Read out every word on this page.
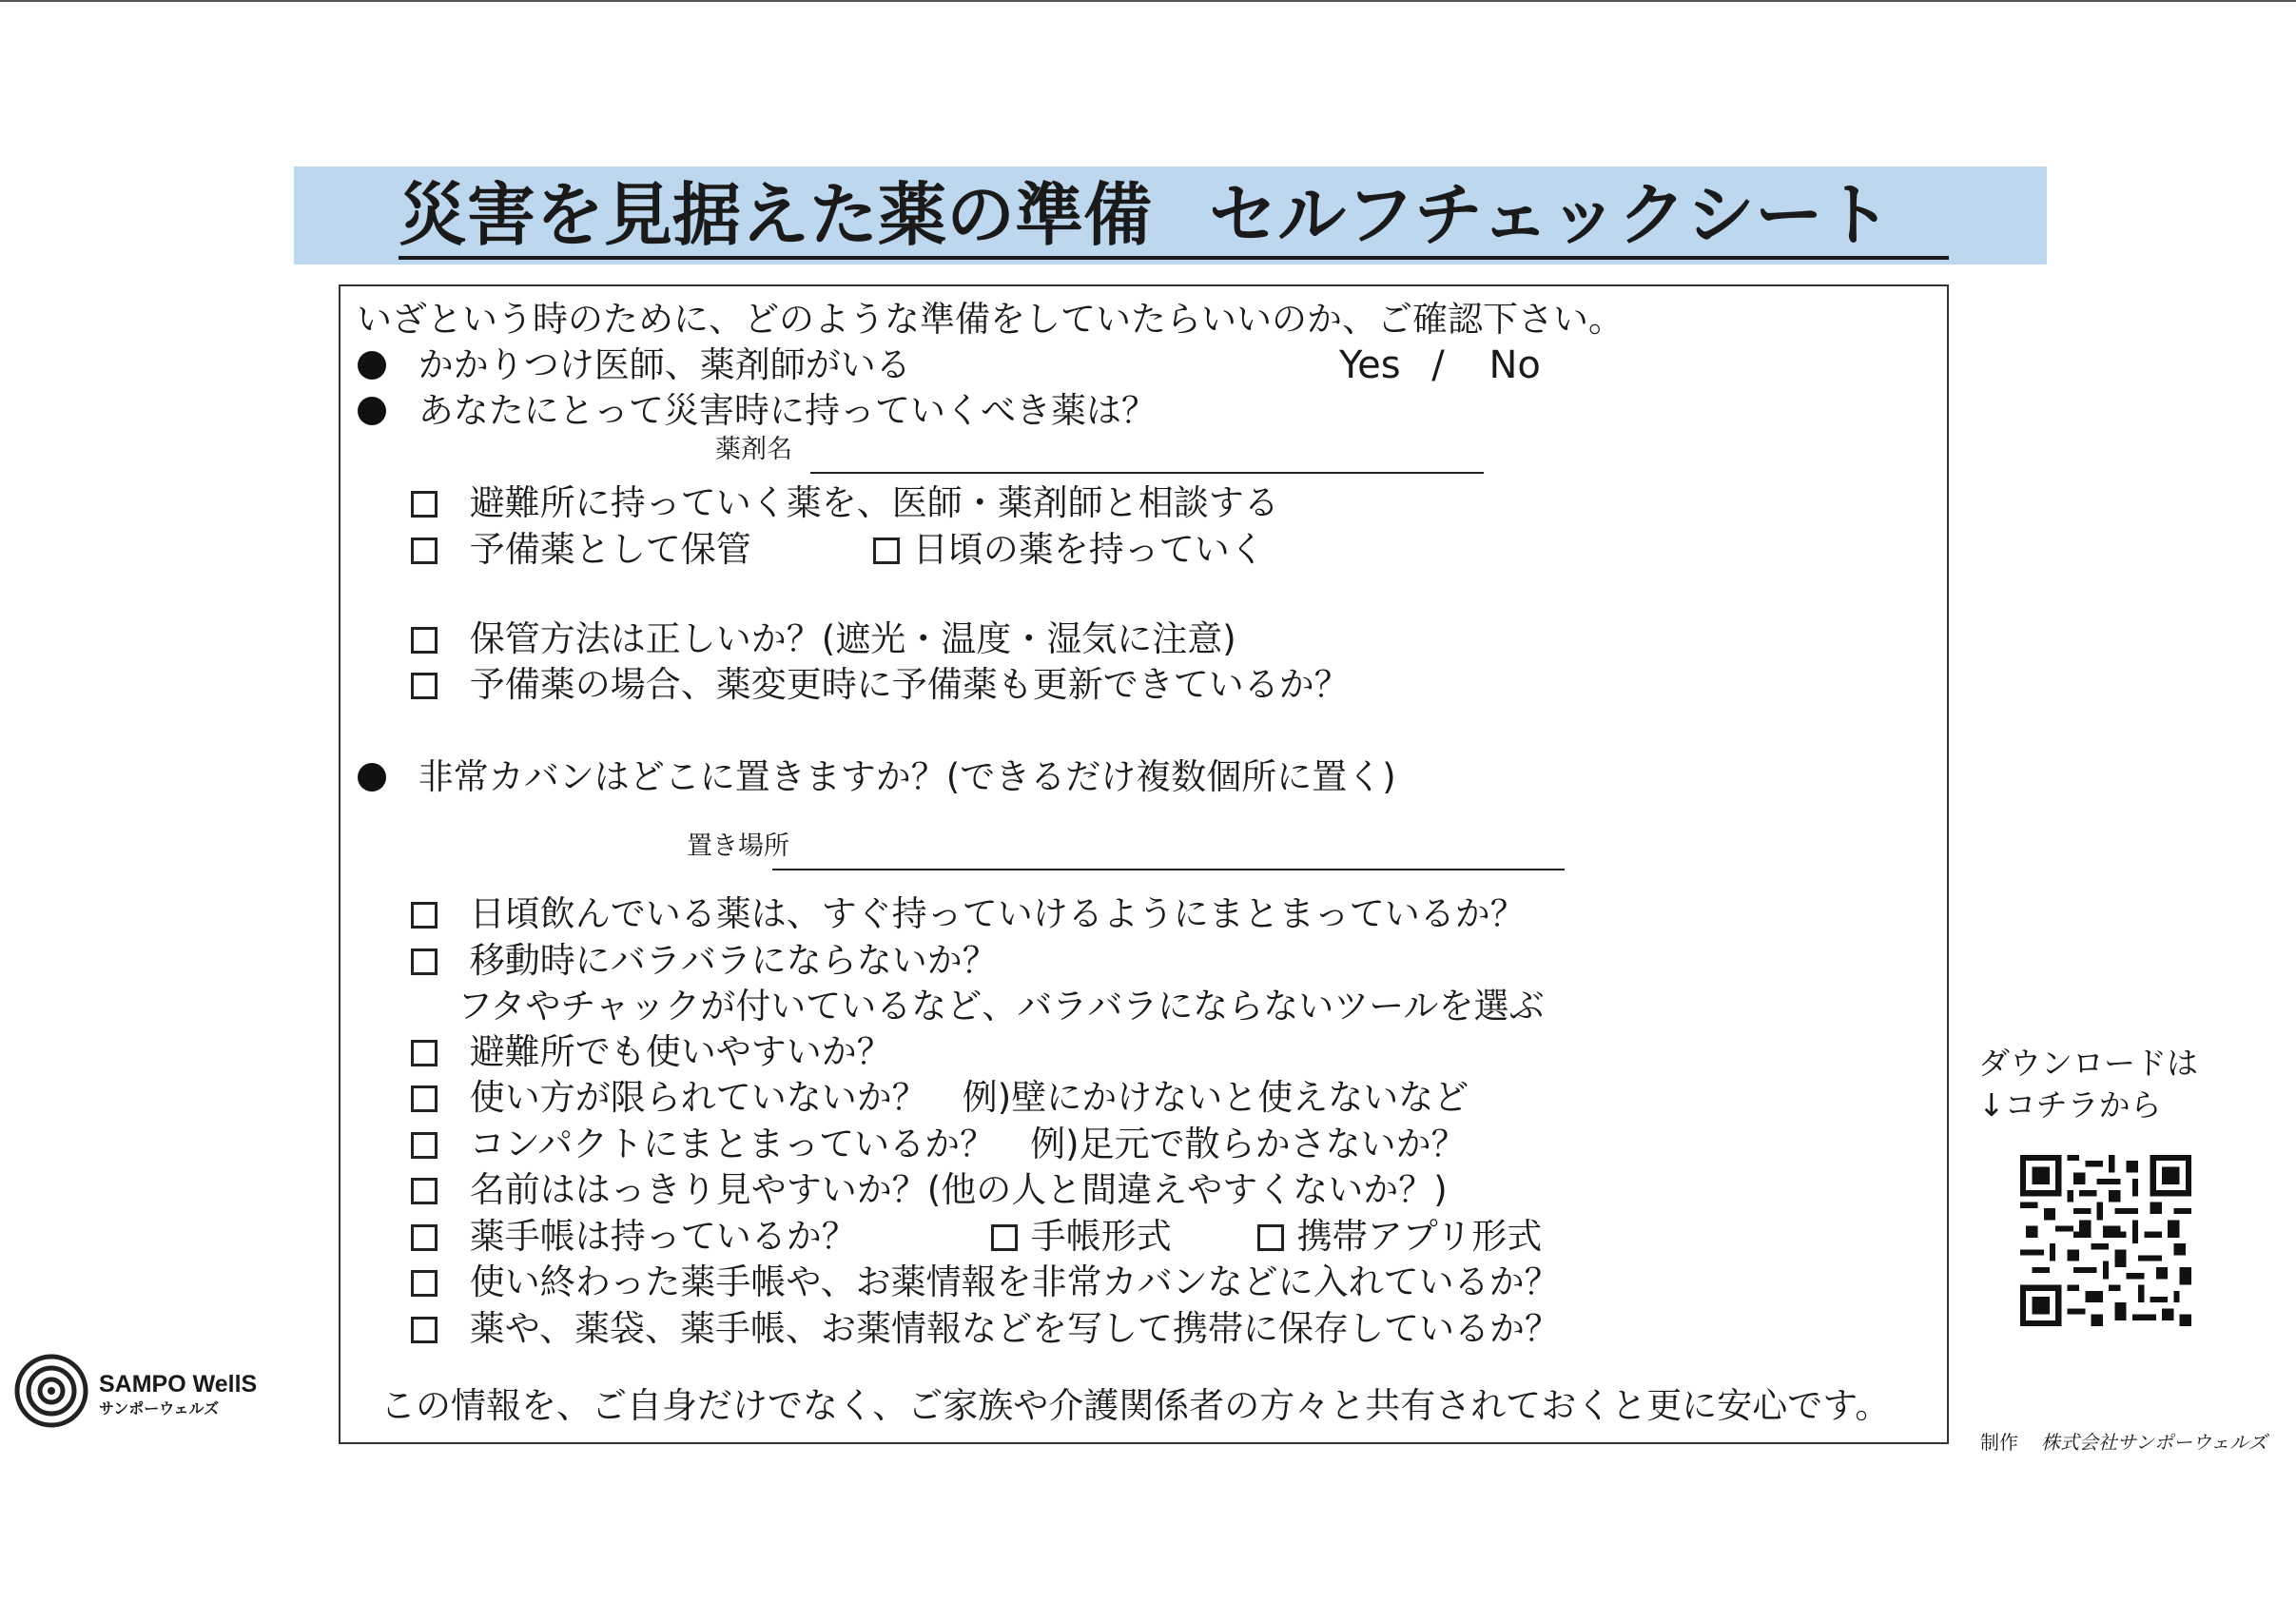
災害を見据えた薬の準備 セルフチェックシート
いざという時のために、どのような準備をしていたらいいのか、ご確認下さい。
かかりつけ医師、薬剤師がいる	Yes / No
あなたにとって災害時に持っていくべき薬は？
薬剤名
避難所に持っていく薬を、医師・薬剤師と相談する
予備薬として保管	日頃の薬を持っていく
保管方法は正しいか？(遮光・温度・湿気に注意)
予備薬の場合、薬変更時に予備薬も更新できているか？
非常カバンはどこに置きますか？(できるだけ複数個所に置く)
置き場所
日頃飲んでいる薬は、すぐ持っていけるようにまとまっているか？
移動時にバラバラにならないか？
フタやチャックが付いているなど、バラバラにならないツールを選ぶ
避難所でも使いやすいか？
使い方が限られていないか？　例)壁にかけないと使えないなど
コンパクトにまとまっているか？　例)足元で散らかさないか？
名前ははっきり見やすいか？(他の人と間違えやすくないか？)
薬手帳は持っているか？	手帳形式	携帯アプリ形式
使い終わった薬手帳や、お薬情報を非常カバンなどに入れているか？
薬や、薬袋、薬手帳、お薬情報などを写して携帯に保存しているか？
この情報を、ご自身だけでなく、ご家族や介護関係者の方々と共有されておくと更に安心です。
ダウンロードは
↓コチラから
SAMPO WellS
サンポーウェルズ
制作 株式会社サンポーウェルズ
